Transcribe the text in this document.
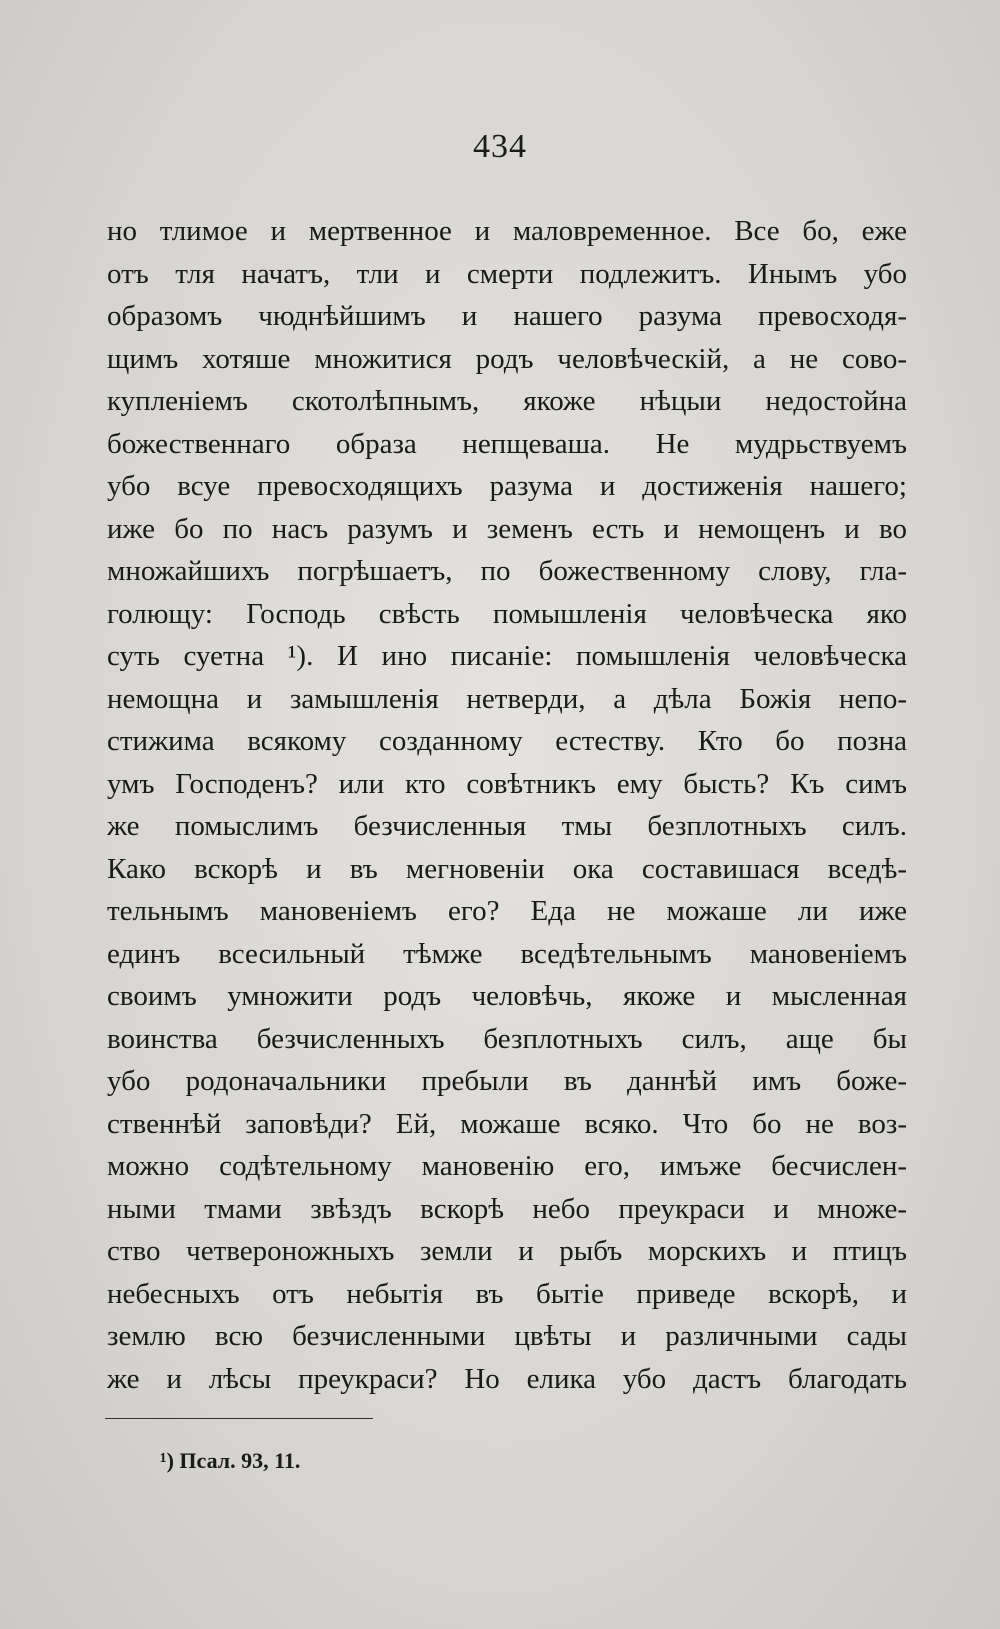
434
но тлимое и мертвенное и маловременное. Все бо, еже
отъ тля начатъ, тли и смерти подлежитъ. Инымъ убо
образомъ чюднѣйшимъ и нашего разума превосходя-
щимъ хотяше множитися родъ человѣческій, а не сово-
купленіемъ скотолѣпнымъ, якоже нѣцыи недостойна
божественнаго образа непщеваша. Не мудрьствуемъ
убо всуе превосходящихъ разума и достиженія нашего;
иже бо по насъ разумъ и земенъ есть и немощенъ и во
множайшихъ погрѣшаетъ, по божественному слову, гла-
голющу: Господь свѣсть помышленія человѣческа яко
суть суетна ¹). И ино писаніе: помышленія человѣческа
немощна и замышленія нетверди, а дѣла Божія непо-
стижима всякому созданному естеству. Кто бо позна
умъ Господенъ? или кто совѣтникъ ему бысть? Къ симъ
же помыслимъ безчисленныя тмы безплотныхъ силъ.
Како вскорѣ и въ мегновеніи ока составишася вседѣ-
тельнымъ мановеніемъ его? Еда не можаше ли иже
единъ всесильный тѣмже вседѣтельнымъ мановеніемъ
своимъ умножити родъ человѣчь, якоже и мысленная
воинства безчисленныхъ безплотныхъ силъ, аще бы
убо родоначальники пребыли въ даннѣй имъ боже-
ственнѣй заповѣди? Ей, можаше всяко. Что бо не воз-
можно содѣтельному мановенію его, имъже бесчислен-
ными тмами звѣздъ вскорѣ небо преукраси и множе-
ство четвероножныхъ земли и рыбъ морскихъ и птицъ
небесныхъ отъ небытія въ бытіе приведе вскорѣ, и
землю всю безчисленными цвѣты и различными сады
же и лѣсы преукраси? Но елика убо дастъ благодать
¹) Псал. 93, 11.
